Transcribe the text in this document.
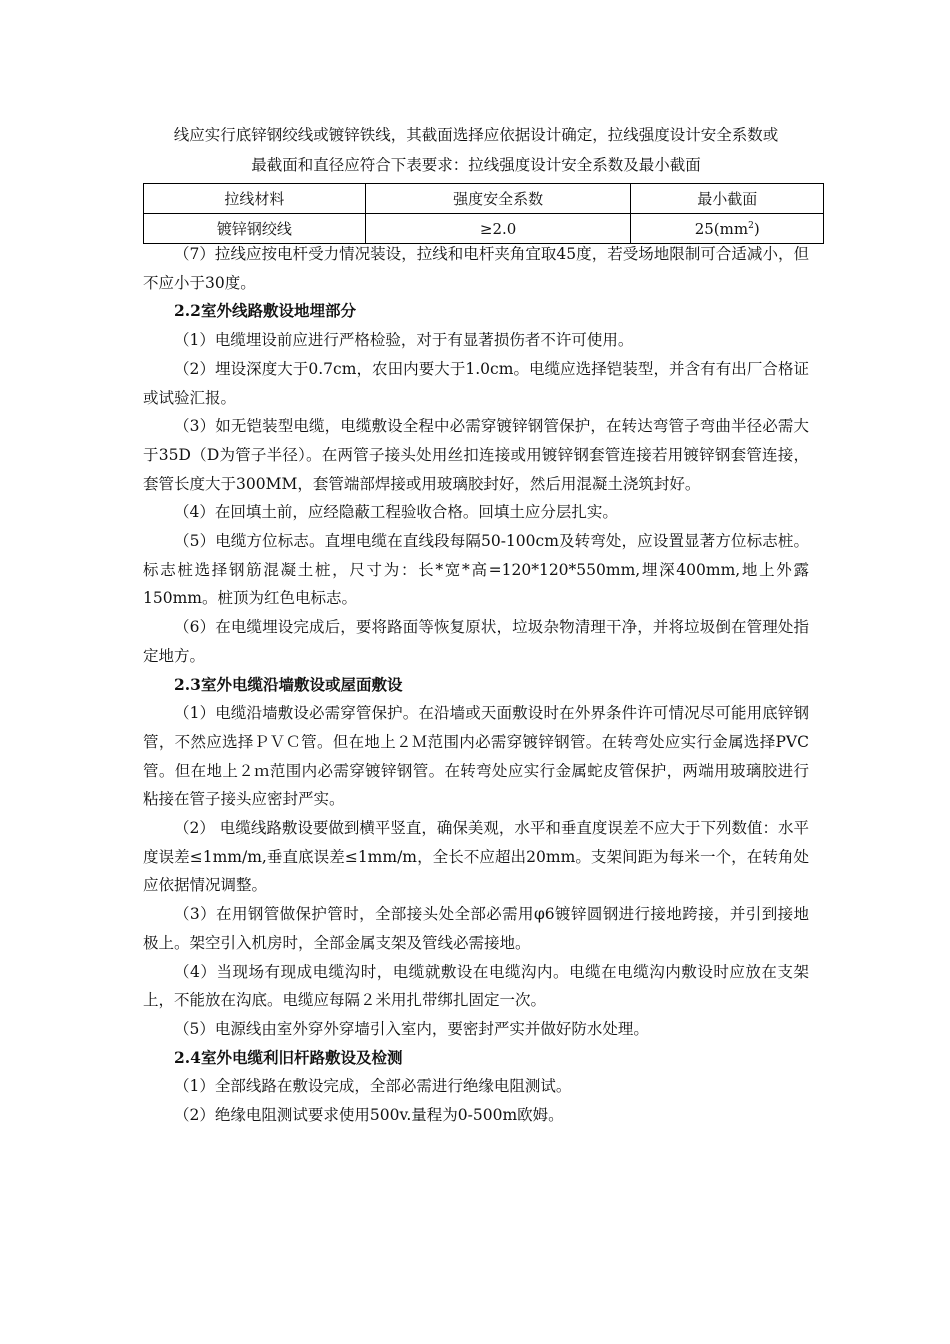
线应实行底锌钢绞线或镀锌铁线，其截面选择应依据设计确定，拉线强度设计安全系数或
最截面和直径应符合下表要求：拉线强度设计安全系数及最小截面
拉线材料	强度安全系数	最小截面
镀锌钢绞线	≥2.0	$25(mm^2)$

（7）拉线应按电杆受力情况装设，拉线和电杆夹角宜取45度，若受场地限制可合适减小，但不应小于30度。

2.2室外线路敷设地埋部分

（1）电缆埋设前应进行严格检验，对于有显著损伤者不许可使用。

（2）埋设深度大于0.7cm，农田内要大于1.0cm。电缆应选择铠装型，并含有有出厂合格证或试验汇报。

（3）如无铠装型电缆，电缆敷设全程中必需穿镀锌钢管保护，在转达弯管子弯曲半径必需大于35D（D为管子半径）。在两管子接头处用丝扣连接或用镀锌钢套管连接若用镀锌钢套管连接，套管长度大于300MM，套管端部焊接或用玻璃胶封好，然后用混凝土浇筑封好。

（4）在回填土前，应经隐蔽工程验收合格。回填土应分层扎实。

（5）电缆方位标志。直埋电缆在直线段每隔50-100cm及转弯处，应设置显著方位标志桩。标志桩选择钢筋混凝土桩，尺寸为：长*宽*高=120*120*550mm,埋深400mm,地上外露150mm。桩顶为红色电标志。

（6）在电缆埋设完成后，要将路面等恢复原状，垃圾杂物清理干净，并将垃圾倒在管理处指定地方。

2.3室外电缆沿墙敷设或屋面敷设

（1）电缆沿墙敷设必需穿管保护。在沿墙或天面敷设时在外界条件许可情况尽可能用底锌钢管，不然应选择ＰＶＣ管。但在地上２Ｍ范围内必需穿镀锌钢管。在转弯处应实行金属选择PVC管。但在地上２ｍ范围内必需穿镀锌钢管。在转弯处应实行金属蛇皮管保护，两端用玻璃胶进行粘接在管子接头应密封严实。

（2） 电缆线路敷设要做到横平竖直，确保美观，水平和垂直度误差不应大于下列数值：水平度误差≤1mm/m,垂直底误差≤1mm/m，全长不应超出20mm。支架间距为每米一个，在转角处应依据情况调整。

（3）在用钢管做保护管时，全部接头处全部必需用φ6镀锌圆钢进行接地跨接，并引到接地极上。架空引入机房时，全部金属支架及管线必需接地。

（4）当现场有现成电缆沟时，电缆就敷设在电缆沟内。电缆在电缆沟内敷设时应放在支架上，不能放在沟底。电缆应每隔２米用扎带绑扎固定一次。

（5）电源线由室外穿外穿墙引入室内，要密封严实并做好防水处理。

2.4室外电缆利旧杆路敷设及检测

（1）全部线路在敷设完成，全部必需进行绝缘电阻测试。

（2）绝缘电阻测试要求使用500v.量程为0-500m欧姆。
